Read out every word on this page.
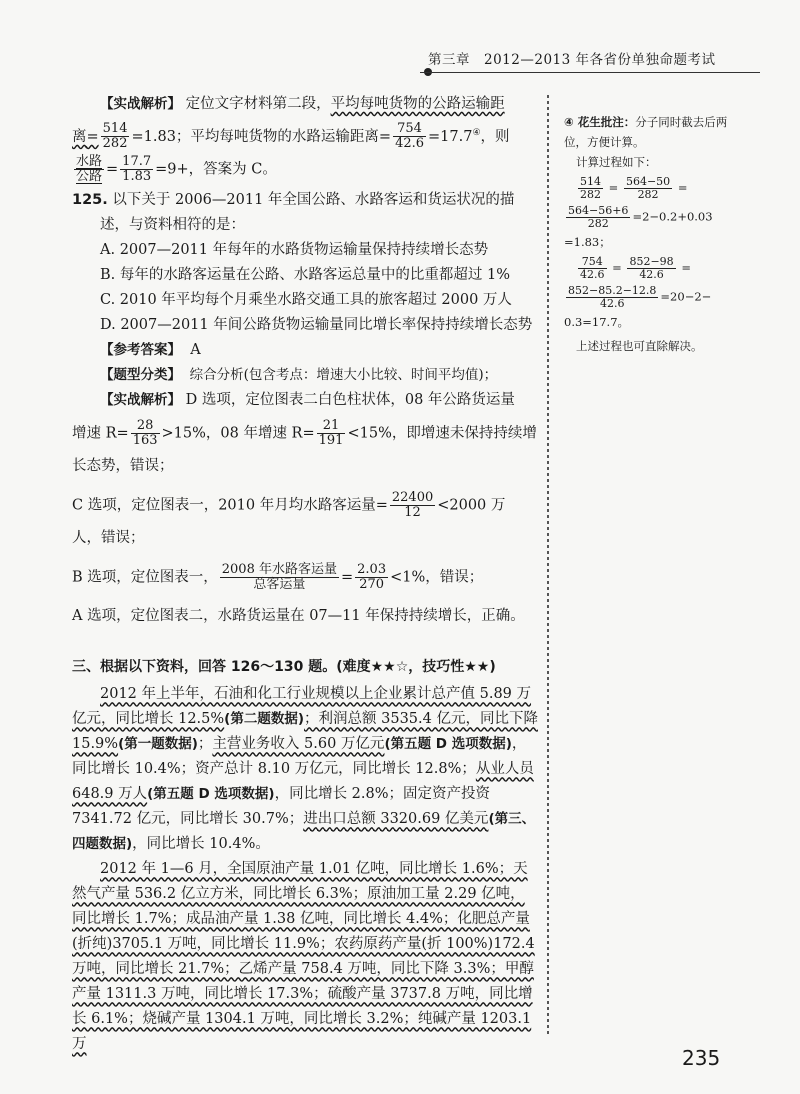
第三章　2012—2013 年各省份单独命题考试

【实战解析】 定位文字材料第二段，平均每吨货物的公路运输距

离= $\frac{514}{282} =1.83$；平均每吨货物的水路运输距离= $\frac{754}{42.6} =17.7^④$，则

$\frac{\text{水路}}{\text{公路}} = \frac{17.7}{1.83} =9+$，答案为 C。

125. 以下关于 2006—2011 年全国公路、水路客运和货运状况的描述，与资料相符的是：

A. 2007—2011 年每年的水路货物运输量保持持续增长态势

B. 每年的水路客运量在公路、水路客运总量中的比重都超过 1%

C. 2010 年平均每个月乘坐水路交通工具的旅客超过 2000 万人

D. 2007—2011 年间公路货物运输量同比增长率保持持续增长态势

【参考答案】 A

【题型分类】 综合分析(包含考点：增速大小比较、时间平均值)；

【实战解析】 D 选项，定位图表二白色柱状体，08 年公路货运量

增速 $R= \frac{28}{163} >15\%$，08 年增速 $R= \frac{21}{191} <15\%$，即增速未保持持续增

长态势，错误；

C 选项，定位图表一，2010 年月均水路客运量= $\frac{22400}{12} <2000$ 万

人，错误；

B 选项，定位图表一， $\frac{\text{2008 年水路客运量}}{\text{总客运量}} = \frac{2.03}{270} <1\%$，错误；

A 选项，定位图表二，水路货运量在 07—11 年保持持续增长，正确。

三、根据以下资料，回答 126～130 题。(难度★★☆，技巧性★★)

2012 年上半年，石油和化工行业规模以上企业累计总产值 5.89 万亿元，同比增长 12.5%(第二题数据)；利润总额 3535.4 亿元，同比下降 15.9%(第一题数据)；主营业务收入 5.60 万亿元(第五题 D 选项数据)，同比增长 10.4%；资产总计 8.10 万亿元，同比增长 12.8%；从业人员 648.9 万人(第五题 D 选项数据)，同比增长 2.8%；固定资产投资 7341.72 亿元，同比增长 30.7%；进出口总额 3320.69 亿美元(第三、四题数据)，同比增长 10.4%。

2012 年 1—6 月，全国原油产量 1.01 亿吨，同比增长 1.6%；天然气产量 536.2 亿立方米，同比增长 6.3%；原油加工量 2.29 亿吨，同比增长 1.7%；成品油产量 1.38 亿吨，同比增长 4.4%；化肥总产量(折纯)3705.1 万吨，同比增长 11.9%；农药原药产量(折 100%)172.4 万吨，同比增长 21.7%；乙烯产量 758.4 万吨，同比下降 3.3%；甲醇产量 1311.3 万吨，同比增长 17.3%；硫酸产量 3737.8 万吨，同比增长 6.1%；烧碱产量 1304.1 万吨，同比增长 3.2%；纯碱产量 1203.1 万

④ 花生批注：分子同时截去后两位，方便计算。

计算过程如下：

$\frac{514}{282} = \frac{564-50}{282}$ =

$\frac{564-56+6}{282} =2-0.2+0.03$

=1.83；

$\frac{754}{42.6} = \frac{852-98}{42.6}$ =

$\frac{852-85.2-12.8}{42.6} =20-2-$

0.3=17.7。

上述过程也可直除解决。

235
